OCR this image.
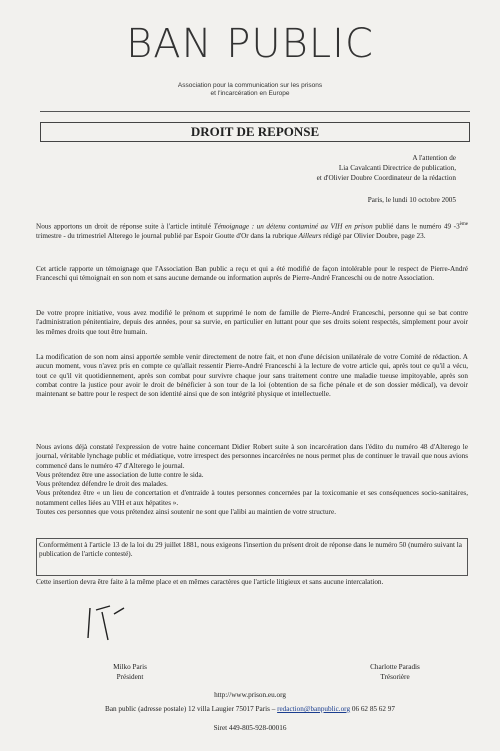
BAN PUBLIC
Association pour la communication sur les prisons
et l'incarcération en Europe
DROIT DE REPONSE
A l'attention de
Lia Cavalcanti Directrice de publication,
et d'Olivier Doubre Coordinateur de la rédaction
Paris, le lundi 10 octobre 2005

Nous apportons un droit de réponse suite à l'article intitulé Témoignage : un détenu contaminé au VIH en prison publié dans le numéro 49 -3ème trimestre - du trimestriel Alterego le journal publié par Espoir Goutte d'Or dans la rubrique Ailleurs rédigé par Olivier Doubre, page 23.

Cet article rapporte un témoignage que l'Association Ban public a reçu et qui a été modifié de façon intolérable pour le respect de Pierre-André Franceschi qui témoignait en son nom et sans aucune demande ou information auprès de Pierre-André Franceschi ou de notre Association.

De votre propre initiative, vous avez modifié le prénom et supprimé le nom de famille de Pierre-André Franceschi, personne qui se bat contre l'administration pénitentiaire, depuis des années, pour sa survie, en particulier en luttant pour que ses droits soient respectés, simplement pour avoir les mêmes droits que tout être humain.

La modification de son nom ainsi apportée semble venir directement de notre fait, et non d'une décision unilatérale de votre Comité de rédaction. A aucun moment, vous n'avez pris en compte ce qu'allait ressentir Pierre-André Franceschi à la lecture de votre article qui, après tout ce qu'il a vécu, tout ce qu'il vit quotidiennement, après son combat pour survivre chaque jour sans traitement contre une maladie tueuse impitoyable, après son combat contre la justice pour avoir le droit de bénéficier à son tour de la loi (obtention de sa fiche pénale et de son dossier médical), va devoir maintenant se battre pour le respect de son identité ainsi que de son intégrité physique et intellectuelle.

Nous avions déjà constaté l'expression de votre haine concernant Didier Robert suite à son incarcération dans l'édito du numéro 48 d'Alterego le journal, véritable lynchage public et médiatique, votre irrespect des personnes incarcérées ne nous permet plus de continuer le travail que nous avions commencé dans le numéro 47 d'Alterego le journal.

Vous prétendez être une association de lutte contre le sida.

Vous prétendez défendre le droit des malades.

Vous prétendez être « un lieu de concertation et d'entraide à toutes personnes concernées par la toxicomanie et ses conséquences socio-sanitaires, notamment celles liées au VIH et aux hépatites ».

Toutes ces personnes que vous prétendez ainsi soutenir ne sont que l'alibi au maintien de votre structure.

Conformément à l'article 13 de la loi du 29 juillet 1881, nous exigeons l'insertion du présent droit de réponse dans le numéro 50 (numéro suivant la publication de l'article contesté).

Cette insertion devra être faite à la même place et en mêmes caractères que l'article litigieux et sans aucune intercalation.
Milko Paris
Président
Charlotte Paradis
Trésorière
http://www.prison.eu.org
Ban public (adresse postale) 12 villa Laugier 75017 Paris – redaction@banpublic.org 06 62 85 62 97
Siret 449-805-928-00016
